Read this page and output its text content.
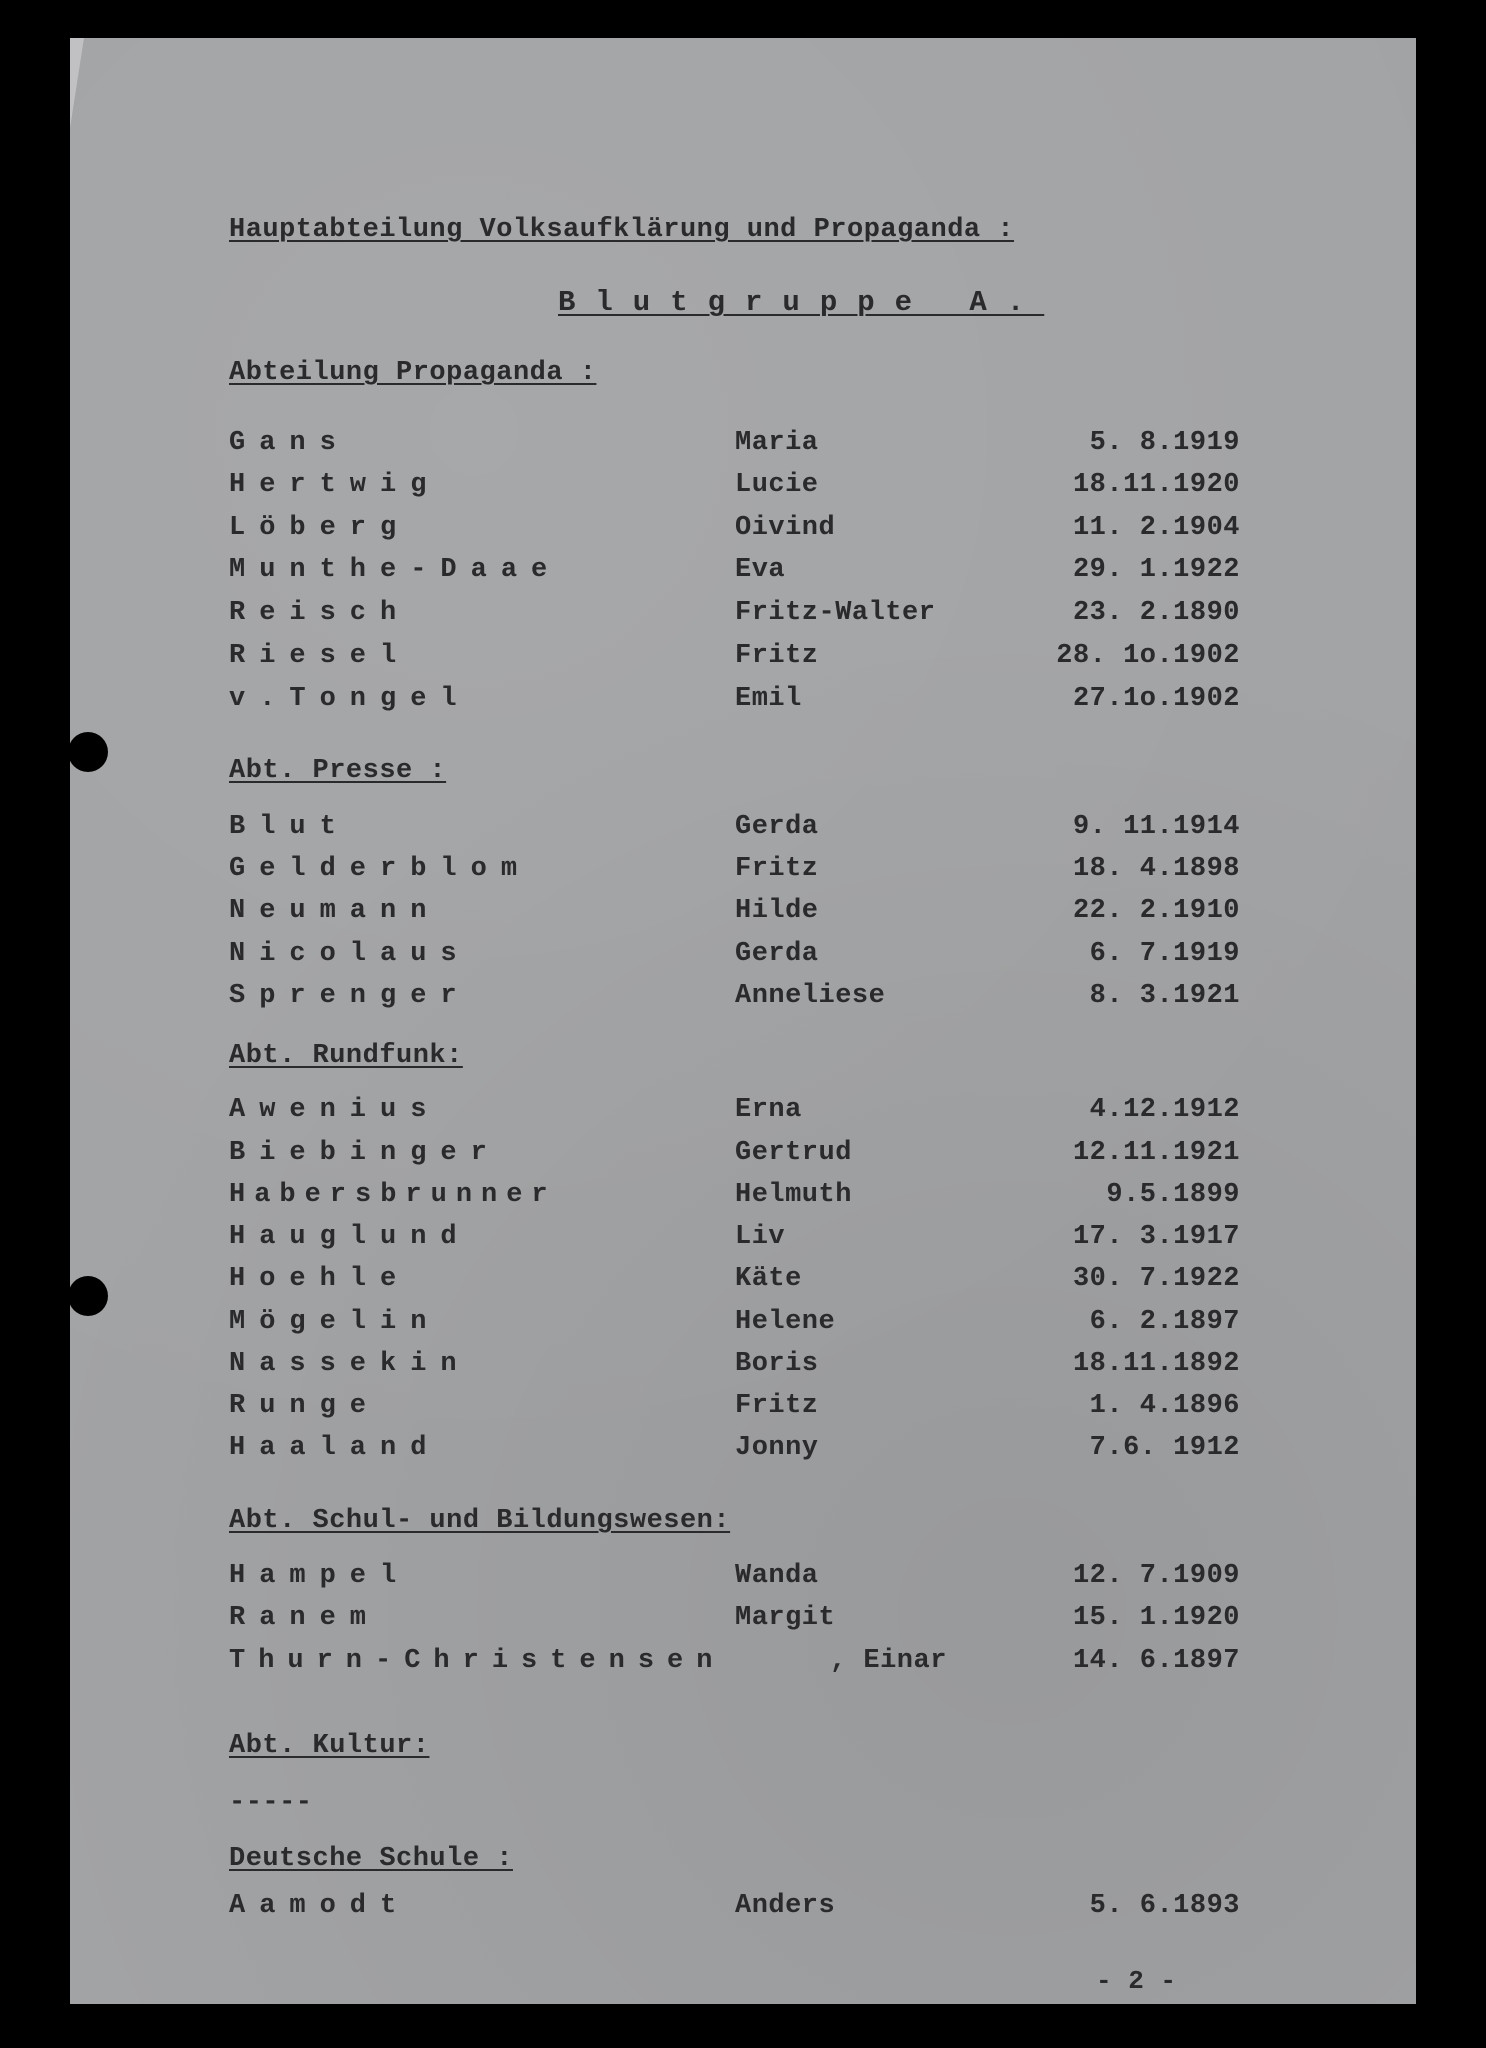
Hauptabteilung Volksaufklärung und Propaganda :
Blutgruppe A.
Abteilung Propaganda :
Gans	Maria	5. 8.1919
Hertwig	Lucie	18.11.1920
Löberg	Oivind	11. 2.1904
Munthe-Daae	Eva	29. 1.1922
Reisch	Fritz-Walter	23. 2.1890
Riesel	Fritz	28. 1o.1902
v.Tongel	Emil	27.1o.1902
Abt. Presse :
Blut	Gerda	9. 11.1914
Gelderblom	Fritz	18. 4.1898
Neumann	Hilde	22. 2.1910
Nicolaus	Gerda	6. 7.1919
Sprenger	Anneliese	8. 3.1921
Abt. Rundfunk:
Awenius	Erna	4.12.1912
Biebinger	Gertrud	12.11.1921
Habersbrunner	Helmuth	9.5.1899
Hauglund	Liv	17. 3.1917
Hoehle	Käte	30. 7.1922
Mögelin	Helene	6. 2.1897
Nassekin	Boris	18.11.1892
Runge	Fritz	1. 4.1896
Haaland	Jonny	7.6. 1912
Abt. Schul- und Bildungswesen:
Hampel	Wanda	12. 7.1909
Ranem	Margit	15. 1.1920
Thurn-Christensen	, Einar	14. 6.1897
Abt. Kultur:
-----
Deutsche Schule :
Aamodt	Anders	5. 6.1893
- 2 -
